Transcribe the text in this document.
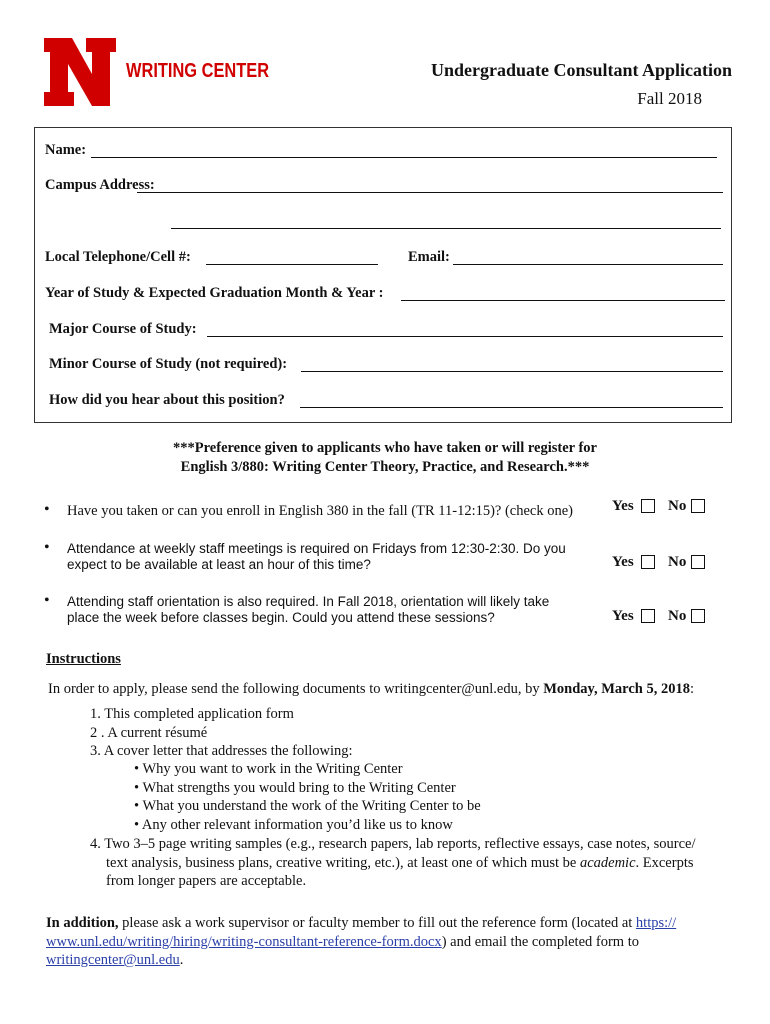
WRITING CENTER	Undergraduate Consultant Application
Fall 2018
Name:
Campus Address:
Local Telephone/Cell #:	Email:
Year of Study & Expected Graduation Month & Year :
Major Course of Study:
Minor Course of Study (not required):
How did you hear about this position?
***Preference given to applicants who have taken or will register for
English 3/880: Writing Center Theory, Practice, and Research.***
• Have you taken or can you enroll in English 380 in the fall (TR 11-12:15)? (check one)	Yes No
• Attendance at weekly staff meetings is required on Fridays from 12:30-2:30. Do you
expect to be available at least an hour of this time?	Yes No
• Attending staff orientation is also required. In Fall 2018, orientation will likely take
place the week before classes begin. Could you attend these sessions?	Yes No
Instructions
In order to apply, please send the following documents to writingcenter@unl.edu, by Monday, March 5, 2018:
1. This completed application form
2 . A current résumé
3. A cover letter that addresses the following:
• Why you want to work in the Writing Center
• What strengths you would bring to the Writing Center
• What you understand the work of the Writing Center to be
• Any other relevant information you’d like us to know
4. Two 3–5 page writing samples (e.g., research papers, lab reports, reflective essays, case notes, source/
text analysis, business plans, creative writing, etc.), at least one of which must be academic. Excerpts
from longer papers are acceptable.
In addition, please ask a work supervisor or faculty member to fill out the reference form (located at https://
www.unl.edu/writing/hiring/writing-consultant-reference-form.docx) and email the completed form to
writingcenter@unl.edu.
